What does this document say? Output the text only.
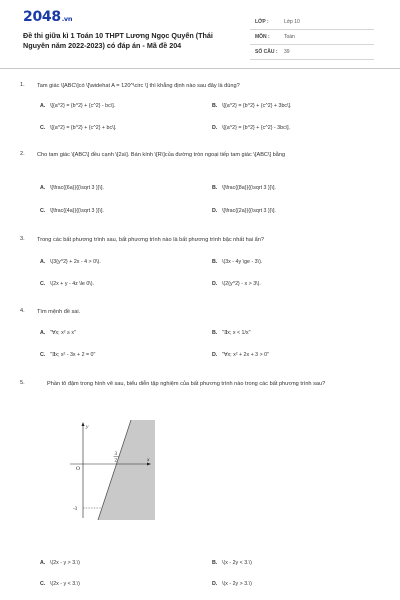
2048.vn
Đề thi giữa kì 1 Toán 10 THPT Lương Ngọc Quyến (Thái Nguyên năm 2022-2023) có đáp án - Mã đề 204
LỚP :	Lớp 10
MÔN :	Toán
SỐ CÂU : 39
1. Tam giác \[ABC\]có \[\widehat A = 120^\circ \] thì khẳng định nào sau đây là đúng?
A. \[{a^2} = {b^2} + {c^2} - bc\].	B. \[{a^2} = {b^2} + {c^2} + 3bc\].
C. \[{a^2} = {b^2} + {c^2} + bc\].	D. \[{a^2} = {b^2} + {c^2} - 3bc\].
2. Cho tam giác \[ABC\] đều cạnh \[2a\]. Bán kính \[R\]của đường tròn ngoại tiếp tam giác \[ABC\] bằng
A. \[\frac{{6a}}{{\sqrt 3 }}\].	B. \[\frac{{8a}}{{\sqrt 3 }}\].
C. \[\frac{{4a}}{{\sqrt 3 }}\].	D. \[\frac{{2a}}{{\sqrt 3 }}\].
3. Trong các bất phương trình sau, bất phương trình nào là bất phương trình bậc nhất hai ẩn?
A. \(3{y^2} + 2x - 4 > 0\).	B. \(3x - 4y \ge - 3\).
C. \(2x + y - 4z \le 0\).	D. \(2{y^2} - x > 3\).
4. Tìm mệnh đề sai.
A. "∀x; x² ≥ x"	B. "∃x; x < 1/x"
C. "∃x; x² - 3x + 2 = 0"	D. "∀x; x² + 2x + 3 > 0"
5.	Phần tô đậm trong hình vẽ sau, biểu diễn tập nghiệm của bất phương trình nào trong các bất phương trình sau?
y
x
O
3
2
-3
A. \(2x - y > 3.\)	B. \(x - 2y < 3.\)
C. \(2x - y < 3.\)	D. \(x - 2y > 3.\)
